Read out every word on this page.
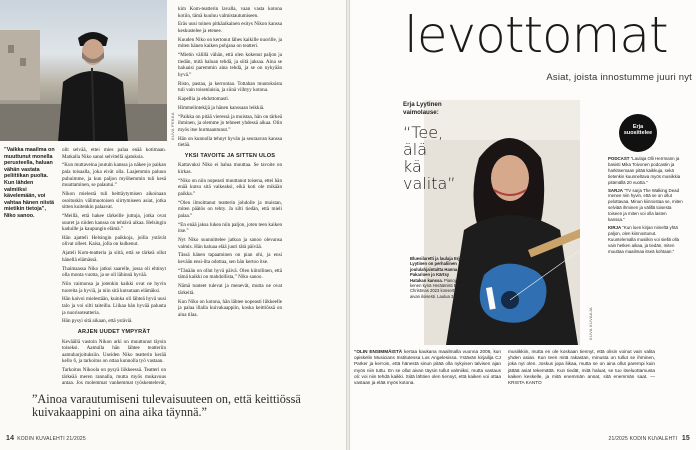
KUVA PEKKA
”Vaikka maailma on muuttunut monella perusteella, haluan vähän vastata peliitiikan puolta. Kun lähden valmiiksi kävelemään, voi vahtaa hänen niistä mietikin tietoja”, Niko sanoo.

olit selvää, ettei mies palaa enää kotimaan. Matkalla Niko sanoi selvitellä ajatuksia.

“Kun muttaveina joutuin kanssa ja näkee jo paikan pala toisaalla, joka eivät olla. Laajemmin paluun puhuimme, ja kun paljon myöhemmin tuli kesä muuttaminen, se palautui.”

Nikon mielestä tuli heittäytymisen aikoinaan osoituskin välimuotoisen siirtymiseen asiat, jotka sitten kuitenkin palaavat.

“Meillä, että hakee tärkeille juttuja, jotka ovat suuret ja niiden kanssa on tehtävä aikaa. Helsingin kaduille ja kaupungin elämä.”

Hän ajatteli Helsingin paikkoja, joilla ystävät olivat olleet. Kaisa, jolla on kulkenut.

Ajateli Kom-teatteria ja siitä, että se tärkeä ollut hänellä elämässä.

Thaimaassa Niko jatkoi saarelle, jossa oli ehtinyt olla monta vuotta, ja se oli lähinnä hyvää.

Niin vaimonsa ja jotenkin kaikki ovat ne hyvin tuoreita ja hyviä, ja niin sitä kutsutaan elämäksi.

Hän kaivoi mielestään, kuinka oli lähteä hyvä uusi talo ja voi silti taiteilla. Liikaa hän hyvää paluuta ja nuorisoteatteria.

Hän pysyi sitä aikaan, että ystäviä.

ARJEN UUDET YMPYRÄT

Keväällä vastoin Nikon arki on muuttunut täysin toiseksi. Aamulla hän lähtee teatteriin aamuharjoituksiin. Useiden Niko teatterin kerää kello 6, ja tarkoitus on ottaa kunnolla työ vastaan.

Tarkoitus Nikoola on pysyä liikkeessä. Teatteri on tärkeää meren rannalla, mutta myös mukavuus antaa. Jos molemmat vanhemmat työskentelevät,

kim Kom-teatterin lavalla, vaan vasta kotona kotiin, tämä kuuluu valmistautumiseen.

Eräs uusi toinen pitkäaikainen esitys Nikon kanssa keskustelee ja etenee.

Kuuden Niko on kertonut lähes kaikille nuorille, ja miten hänen kaiken pohjana on teatteri.

“Mietin välillä vähän, että olen kokenut paljon ja tiedän, mitä haluan tehdä, ja siitä jaksaa. Aina se haluaisi paremmin aina tehdä, ja se on nykyään hyvä.”

Risto, pastaa, ja kerrontaa. Tottahan muutoksista tuli vain toisenlaisia, ja siinä viihtyy kotona.

Kapellia ja ehdottomasti.

Himmelintekijä ja hänen kanssaan leikkiä.

“Paikka on pitää vieressä ja muistaa, hän on tärkeä ihminen, ja olemme jo tehneet yhdessä aikaa. Olin myös itse hurmaantunut.”

Hän on kunnolla tehnyt hyvän ja seuraavan kanssa tietää.

YKSI TAVOITE JA SITTEN ULOS

Kattavuksi Niko ei halua muuttaa. Se tavoite on kirkas.

“Niko on niin nopeasti muuttanut toisena, ettei hän enää kutsu sitä vaikeaksi, eikä koti ole mikään paikka.”

“Olen ilmoittanut teatterin johdolle ja muistan, miten päätös on tehty. Ja silti tiedän, että mieli palaa.”

“En enää jaksa lukea niin paljon, joten teen kaiken itse.”

Nyt Niko suunnittelee jatkoa ja sanoo olevansa valmis. Hän haluaa elää juuri tätä päivää.

Tässä hänen tapaaminen on pian ohi, ja ensi kevään ensi-ilta odottaa, sen hän kertoo itse.

“Tänään on ollut hyvä päivä. Olen kiitollinen, että tämä kaikki on mahdollista,” Niko sanoo.

Nämä tunteet tulevat ja menevät, mutta ne ovat tärkeitä.

Kun Niko on kotona, hän lähtee nopeasti liikkeelle ja palaa illalla kuivakaappiin, koska keittiössä on aina tilaa.

”Ainoa varautumiseni tulevaisuuteen on, että keittiössä kuivakaappini on aina aika täynnä.”
14 KODIN KUVALEHTI 21/2025
levottomat
Asiat, joista innostumme juuri nyt
Erja Lyytinen vaimolause:
“Tee,
älä
kä
valita”
Bluesilaretti ja laulaja Erja Lyytinen on perhaliinen joululahjaintaitta Hanna Pakarinen jo Kärtsy Hatakan kanssa. Pianoja, kenen kynä Heräämisti Blues Christmas 2023 konsertti aivan iloisesti. Laulua 3.12.
KUVA KUVAAJA
Erja
suosittelee

PODCAST “Laulaja Olli Herrmann ja basisti Mika Toivonen podcastin ja harkitsemaan pitää kaikkuja, sekä tietenkin kuunneltava myös musiikkia pitämällä 20 vuotta.”

SARJA “TV sarja The Walking Dead menee niin hyvin, että se on ollut pelottavaa. Minun kiinnostaa se, miten selviää ihminen ja välillä toisesta toiseen ja miten voi olla lasten kanssa.”

KIRJA “Kun luen kirjan nimeltä yhtä paljon, olen kiinnostunut. Kuuntelemalla musiikin voi siellä olla vain hetken aikaa, ja tiedän, miten muuttaa maailmaa itseä kohtaan.”

“OLIN ENSIMMÄISTÄ kertaa kaukana maailmalla vuonna 2006, kun opiskelin Musicians Institutessa Los Angelesissa. Ystävän kirjailija CJ Parker ja kerroin, että hänestä sinun pitää olla nykyisen talvisen ajan myös niin tuttu. En se ollut aivan täysin tullut valmiiksi, mutta vastaus oli: voi niin tehdä kaikki. Siitä lähtien olen tiennyt, että kaiken voi ottaa vastaan ja elää myös kotona.
musiikkiin, mutta en ole koskaan tiennyt, että olisin voinut vain valita yhden asian. Kun teen mitä rakastan, minusta on tullut se ihminen, joka nyt olen. Joskus jopa liikaa, mutta se on aina ollut parempi kuin jättää asiat tekemättä. Kun tiedät, mitä haluat, se tuo itseluottamusta kaiken keskelle, ja mitä enemmän annat, sitä enemmän saat. — KRISTA KANTO
21/2025 KODIN KUVALEHTI 15
